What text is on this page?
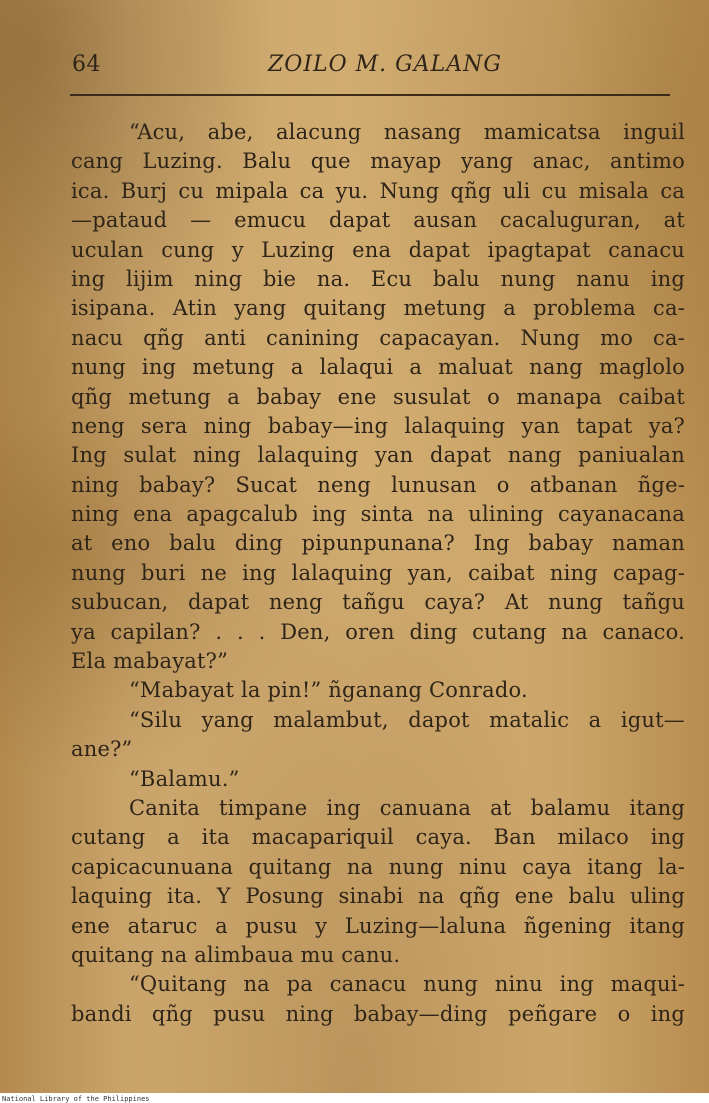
64	ZOILO M. GALANG
“Acu, abe, alacung nasang mamicatsa inguil
cang Luzing. Balu que mayap yang anac, antimo
ica. Burj cu mipala ca yu. Nung qñg uli cu misala ca
—pataud — emucu dapat ausan cacaluguran, at
uculan cung y Luzing ena dapat ipagtapat canacu
ing lijim ning bie na. Ecu balu nung nanu ing
isipana. Atin yang quitang metung a problema ca-
nacu qñg anti canining capacayan. Nung mo ca-
nung ing metung a lalaqui a maluat nang maglolo
qñg metung a babay ene susulat o manapa caibat
neng sera ning babay—ing lalaquing yan tapat ya?
Ing sulat ning lalaquing yan dapat nang paniualan
ning babay? Sucat neng lunusan o atbanan ñge-
ning ena apagcalub ing sinta na ulining cayanacana
at eno balu ding pipunpunana? Ing babay naman
nung buri ne ing lalaquing yan, caibat ning capag-
subucan, dapat neng tañgu caya? At nung tañgu
ya capilan? . . . Den, oren ding cutang na canaco.
Ela mabayat?”
“Mabayat la pin!” ñganang Conrado.
“Silu yang malambut, dapot matalic a igut—
ane?”
“Balamu.”
Canita timpane ing canuana at balamu itang
cutang a ita macapariquil caya. Ban milaco ing
capicacunuana quitang na nung ninu caya itang la-
laquing ita. Y Posung sinabi na qñg ene balu uling
ene ataruc a pusu y Luzing—laluna ñgening itang
quitang na alimbaua mu canu.
“Quitang na pa canacu nung ninu ing maqui-
bandi qñg pusu ning babay—ding peñgare o ing
National Library of the Philippines
